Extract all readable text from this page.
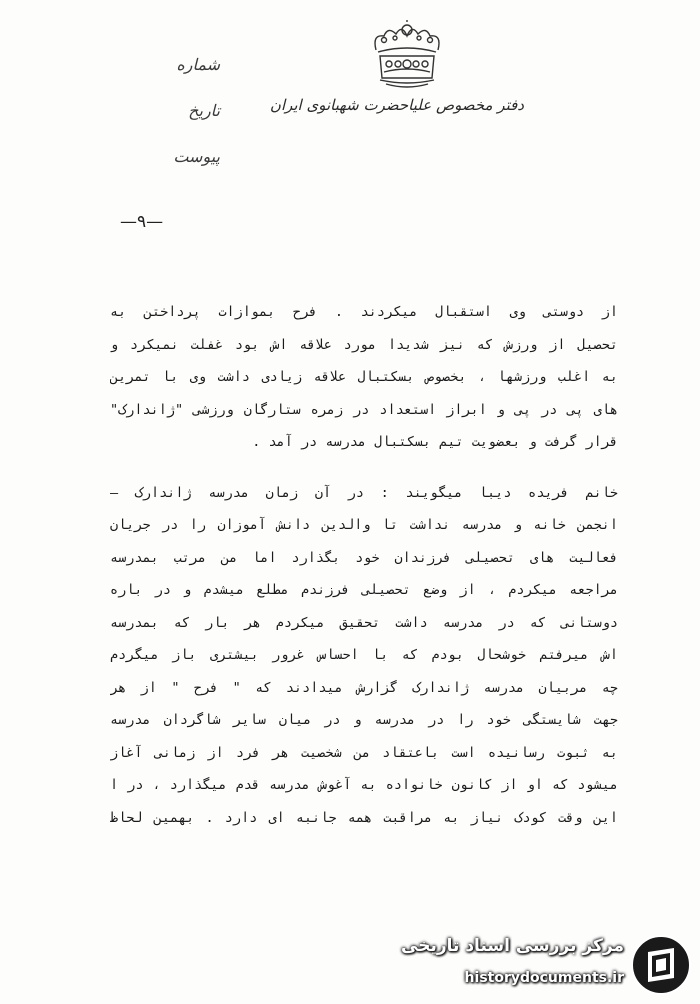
دفتر مخصوص علیاحضرت شهبانوی ایران
شماره
تاریخ
پیوست
—۹—
از دوستی وی استقبال میکردند . فرح بموازات پرداختن به
تحصیل از ورزش که نیز شدیدا مورد علاقه اش بود غفلت نمیکرد و
به اغلب ورزشها ، بخصوص بسکتبال علاقه زیادی داشت وی با تمرین
های پی در پی و ابراز استعداد در زمره ستارگان ورزشی "ژاندارک"
قرار گرفت و بعضویت تیم بسکتبال مدرسه در آمد .
خانم فریده دیبا میگویند : در آن زمان مدرسه ژاندارک —
انجمن خانه و مدرسه نداشت تا والدین دانش آموزان را در جریان
فعالیت های تحصیلی فرزندان خود بگذارد اما من مرتب بمدرسه
مراجعه میکردم ، از وضع تحصیلی فرزندم مطلع میشدم و در باره
دوستانی که در مدرسه داشت تحقیق میکردم هر بار که بمدرسه
اش میرفتم خوشحال بودم که با احساس غرور بیشتری باز میگردم
چه مربیان مدرسه ژاندارک گزارش میدادند که " فرح " از هر
جهت شایستگی خود را در مدرسه و در میان سایر شاگردان مدرسه
به ثبوت رسانیده است باعتقاد من شخصیت هر فرد از زمانی آغاز
میشود که او از کانون خانواده به آغوش مدرسه قدم میگذارد ، در ا
این وقت کودک نیاز به مراقبت همه جانبه ای دارد . بهمین لحاظ
مرکز بررسی اسناد تاریخی
historydocuments.ir
